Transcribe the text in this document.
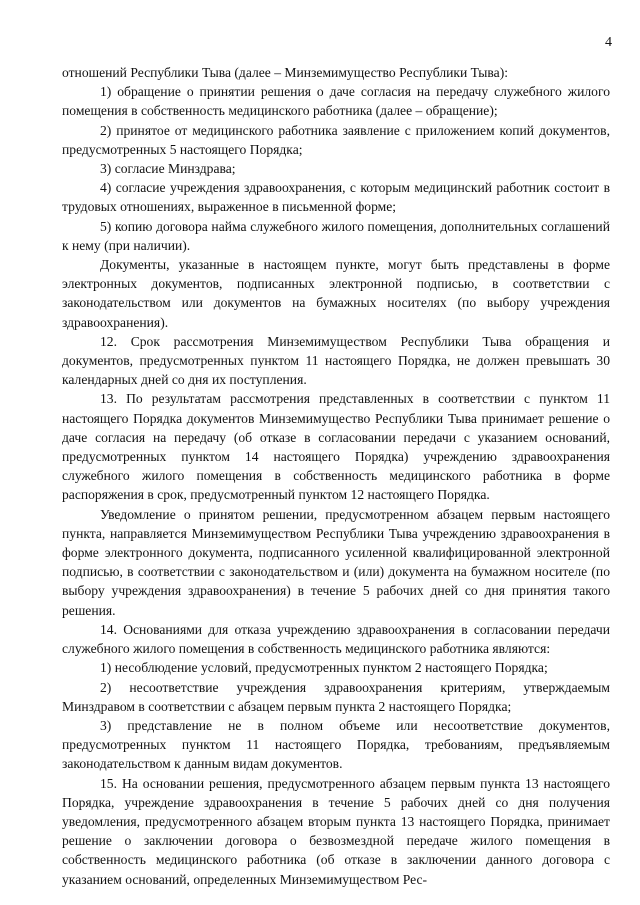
4

отношений Республики Тыва (далее – Минземимущество Республики Тыва):

1) обращение о принятии решения о даче согласия на передачу служебного жилого помещения в собственность медицинского работника (далее – обращение);

2) принятое от медицинского работника заявление с приложением копий документов, предусмотренных 5 настоящего Порядка;

3) согласие Минздрава;

4) согласие учреждения здравоохранения, с которым медицинский работник состоит в трудовых отношениях, выраженное в письменной форме;

5) копию договора найма служебного жилого помещения, дополнительных соглашений к нему (при наличии).

Документы, указанные в настоящем пункте, могут быть представлены в форме электронных документов, подписанных электронной подписью, в соответствии с законодательством или документов на бумажных носителях (по выбору учреждения здравоохранения).

12. Срок рассмотрения Минземимуществом Республики Тыва обращения и документов, предусмотренных пунктом 11 настоящего Порядка, не должен превышать 30 календарных дней со дня их поступления.

13. По результатам рассмотрения представленных в соответствии с пунктом 11 настоящего Порядка документов Минземимущество Республики Тыва принимает решение о даче согласия на передачу (об отказе в согласовании передачи с указанием оснований, предусмотренных пунктом 14 настоящего Порядка) учреждению здравоохранения служебного жилого помещения в собственность медицинского работника в форме распоряжения в срок, предусмотренный пунктом 12 настоящего Порядка.

Уведомление о принятом решении, предусмотренном абзацем первым настоящего пункта, направляется Минземимуществом Республики Тыва учреждению здравоохранения в форме электронного документа, подписанного усиленной квалифицированной электронной подписью, в соответствии с законодательством и (или) документа на бумажном носителе (по выбору учреждения здравоохранения) в течение 5 рабочих дней со дня принятия такого решения.

14. Основаниями для отказа учреждению здравоохранения в согласовании передачи служебного жилого помещения в собственность медицинского работника являются:

1) несоблюдение условий, предусмотренных пунктом 2 настоящего Порядка;

2) несоответствие учреждения здравоохранения критериям, утверждаемым Минздравом в соответствии с абзацем первым пункта 2 настоящего Порядка;

3) представление не в полном объеме или несоответствие документов, предусмотренных пунктом 11 настоящего Порядка, требованиям, предъявляемым законодательством к данным видам документов.

15. На основании решения, предусмотренного абзацем первым пункта 13 настоящего Порядка, учреждение здравоохранения в течение 5 рабочих дней со дня получения уведомления, предусмотренного абзацем вторым пункта 13 настоящего Порядка, принимает решение о заключении договора о безвозмездной передаче жилого помещения в собственность медицинского работника (об отказе в заключении данного договора с указанием оснований, определенных Минземимуществом Рес-
